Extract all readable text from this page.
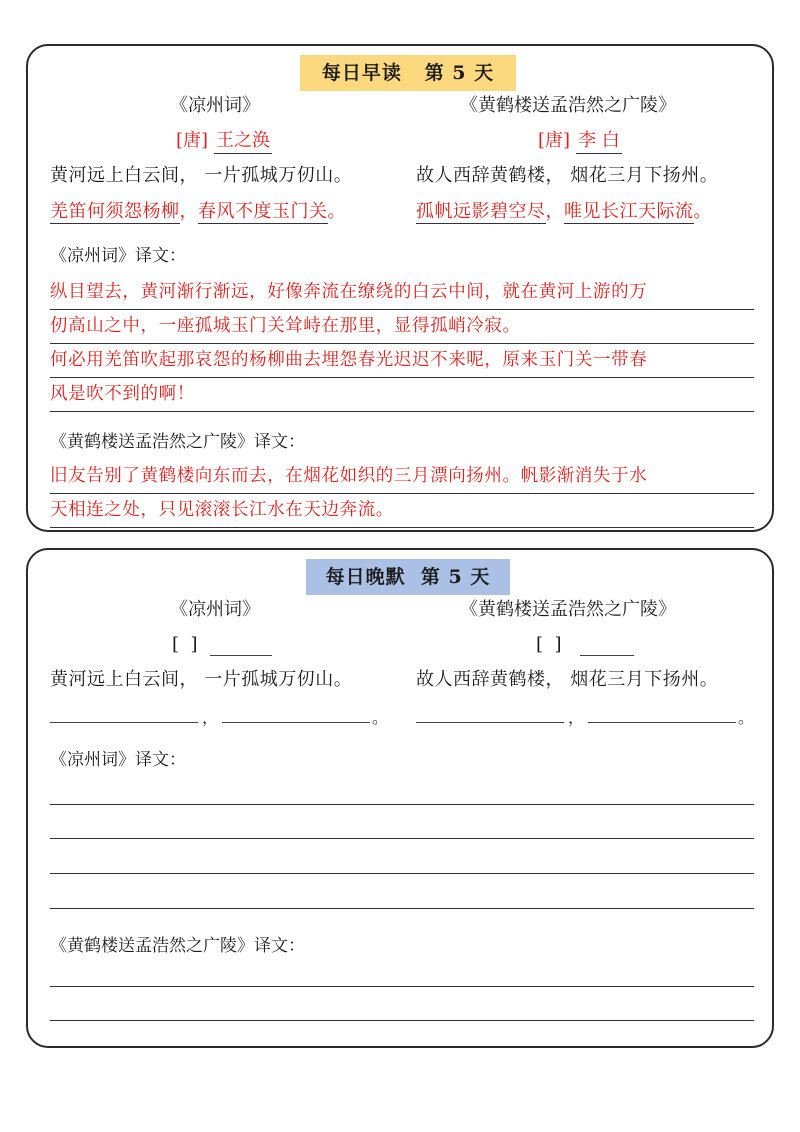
每日早读   第 5 天
《凉州词》	《黄鹤楼送孟浩然之广陵》
[唐] 王之涣	[唐] 李 白
黄河远上白云间， 一片孤城万仞山。	故人西辞黄鹤楼， 烟花三月下扬州。
羌笛何须怨杨柳，春风不度玉门关。	孤帆远影碧空尽，唯见长江天际流。
《凉州词》译文：
纵目望去，黄河渐行渐远，好像奔流在缭绕的白云中间，就在黄河上游的万
仞高山之中，一座孤城玉门关耸峙在那里，显得孤峭冷寂。
何必用羌笛吹起那哀怨的杨柳曲去埋怨春光迟迟不来呢，原来玉门关一带春
风是吹不到的啊！
《黄鹤楼送孟浩然之广陵》译文：
旧友告别了黄鹤楼向东而去，在烟花如织的三月漂向扬州。帆影渐消失于水
天相连之处，只见滚滚长江水在天边奔流。
每日晚默  第 5 天
《凉州词》	《黄鹤楼送孟浩然之广陵》
[  ]	[  ]
黄河远上白云间， 一片孤城万仞山。	故人西辞黄鹤楼， 烟花三月下扬州。
，	。	，	。
《凉州词》译文：
《黄鹤楼送孟浩然之广陵》译文：
